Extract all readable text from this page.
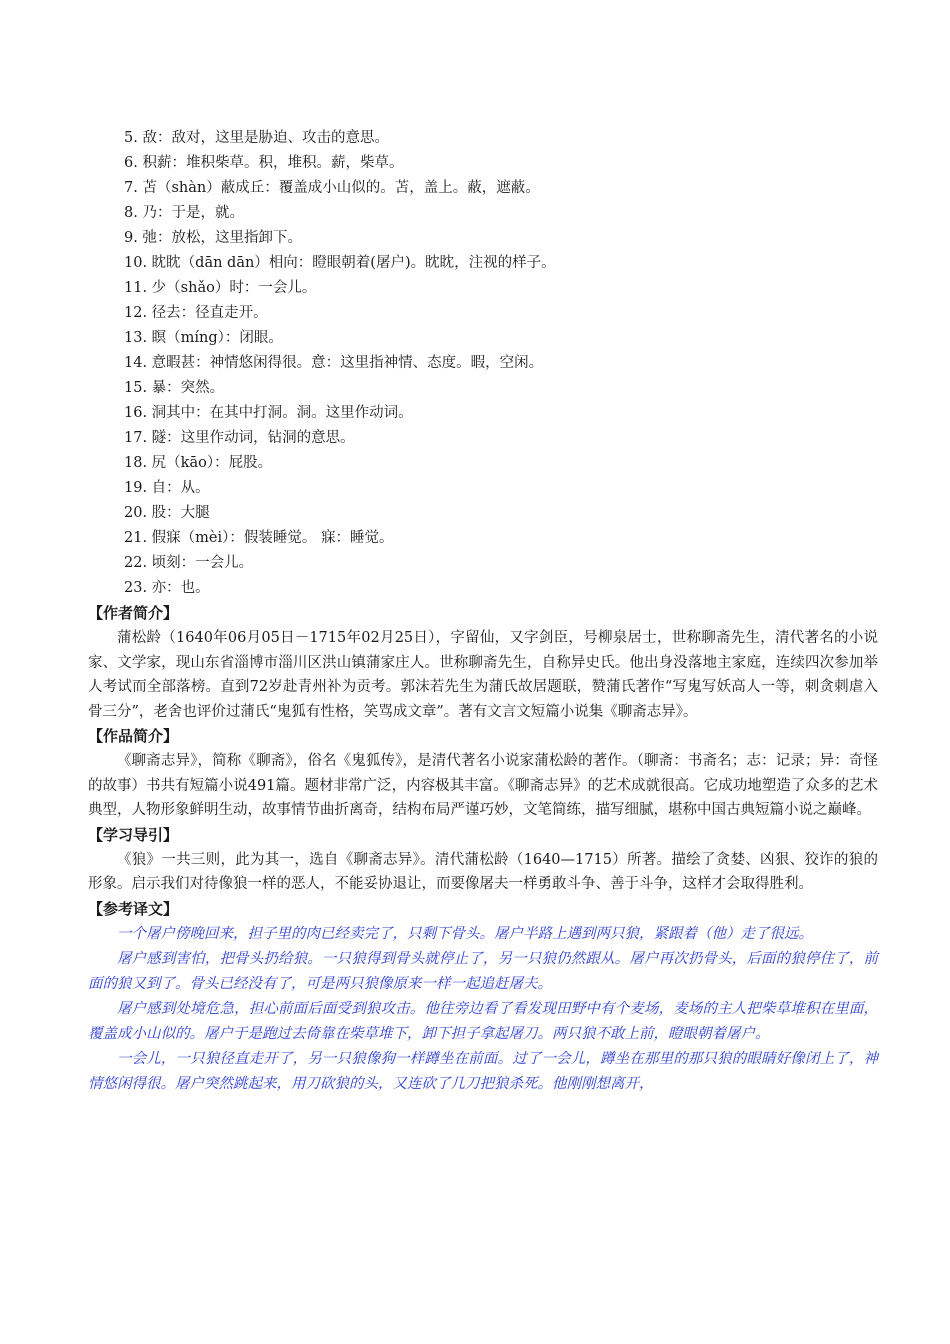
5. 敌：敌对，这里是胁迫、攻击的意思。
6. 积薪：堆积柴草。积，堆积。薪，柴草。
7. 苫（shàn）蔽成丘：覆盖成小山似的。苫，盖上。蔽，遮蔽。
8. 乃：于是，就。
9. 弛：放松，这里指卸下。
10. 眈眈（dān dān）相向：瞪眼朝着(屠户)。眈眈，注视的样子。
11. 少（shǎo）时：一会儿。
12. 径去：径直走开。
13. 瞑（míng）：闭眼。
14. 意暇甚：神情悠闲得很。意：这里指神情、态度。暇，空闲。
15. 暴：突然。
16. 洞其中：在其中打洞。洞。这里作动词。
17. 隧：这里作动词，钻洞的意思。
18. 尻（kāo）：屁股。
19. 自：从。
20. 股：大腿
21. 假寐（mèi）：假装睡觉。 寐：睡觉。
22. 顷刻：一会儿。
23. 亦：也。
【作者简介】

蒲松龄（1640年06月05日－1715年02月25日），字留仙，又字剑臣，号柳泉居士，世称聊斋先生，清代著名的小说家、文学家，现山东省淄博市淄川区洪山镇蒲家庄人。世称聊斋先生，自称异史氏。他出身没落地主家庭，连续四次参加举人考试而全部落榜。直到72岁赴青州补为贡考。郭沫若先生为蒲氏故居题联，赞蒲氏著作“写鬼写妖高人一等，刺贪刺虐入骨三分”，老舍也评价过蒲氏“鬼狐有性格，笑骂成文章”。著有文言文短篇小说集《聊斋志异》。

【作品简介】

《聊斋志异》，简称《聊斋》，俗名《鬼狐传》，是清代著名小说家蒲松龄的著作。（聊斋：书斋名；志：记录；异：奇怪的故事）书共有短篇小说491篇。题材非常广泛，内容极其丰富。《聊斋志异》的艺术成就很高。它成功地塑造了众多的艺术典型，人物形象鲜明生动，故事情节曲折离奇，结构布局严谨巧妙，文笔简练，描写细腻，堪称中国古典短篇小说之巅峰。

【学习导引】

《狼》一共三则，此为其一，选自《聊斋志异》。清代蒲松龄（1640—1715）所著。描绘了贪婪、凶狠、狡诈的狼的形象。启示我们对待像狼一样的恶人，不能妥协退让，而要像屠夫一样勇敢斗争、善于斗争，这样才会取得胜利。

【参考译文】

一个屠户傍晚回来，担子里的肉已经卖完了，只剩下骨头。屠户半路上遇到两只狼，紧跟着（他）走了很远。

屠户感到害怕，把骨头扔给狼。一只狼得到骨头就停止了，另一只狼仍然跟从。屠户再次扔骨头，后面的狼停住了，前面的狼又到了。骨头已经没有了，可是两只狼像原来一样一起追赶屠夫。

屠户感到处境危急，担心前面后面受到狼攻击。他往旁边看了看发现田野中有个麦场，麦场的主人把柴草堆积在里面，覆盖成小山似的。屠户于是跑过去倚靠在柴草堆下，卸下担子拿起屠刀。两只狼不敢上前，瞪眼朝着屠户。

一会儿，一只狼径直走开了，另一只狼像狗一样蹲坐在前面。过了一会儿，蹲坐在那里的那只狼的眼睛好像闭上了，神情悠闲得很。屠户突然跳起来，用刀砍狼的头，又连砍了几刀把狼杀死。他刚刚想离开，
